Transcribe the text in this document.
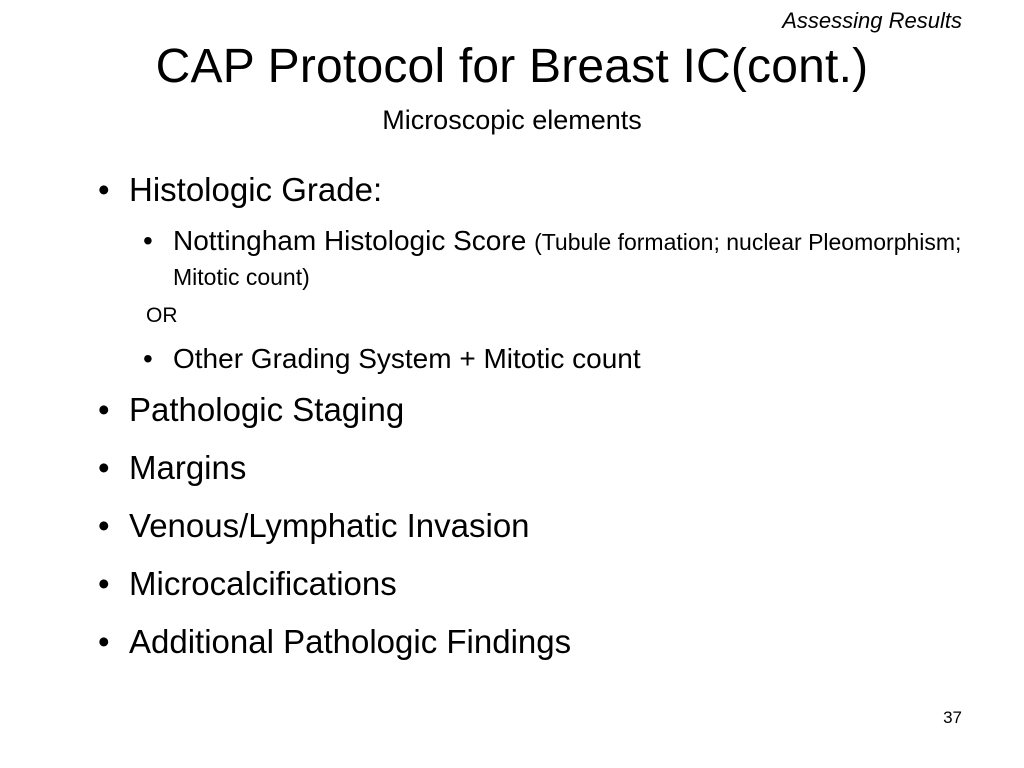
Assessing Results
CAP Protocol for Breast IC(cont.)
Microscopic elements
• Histologic Grade:
• Nottingham Histologic Score (Tubule formation; nuclear Pleomorphism; Mitotic count)
OR
• Other Grading System + Mitotic count
• Pathologic Staging
• Margins
• Venous/Lymphatic Invasion
• Microcalcifications
• Additional Pathologic Findings
37
